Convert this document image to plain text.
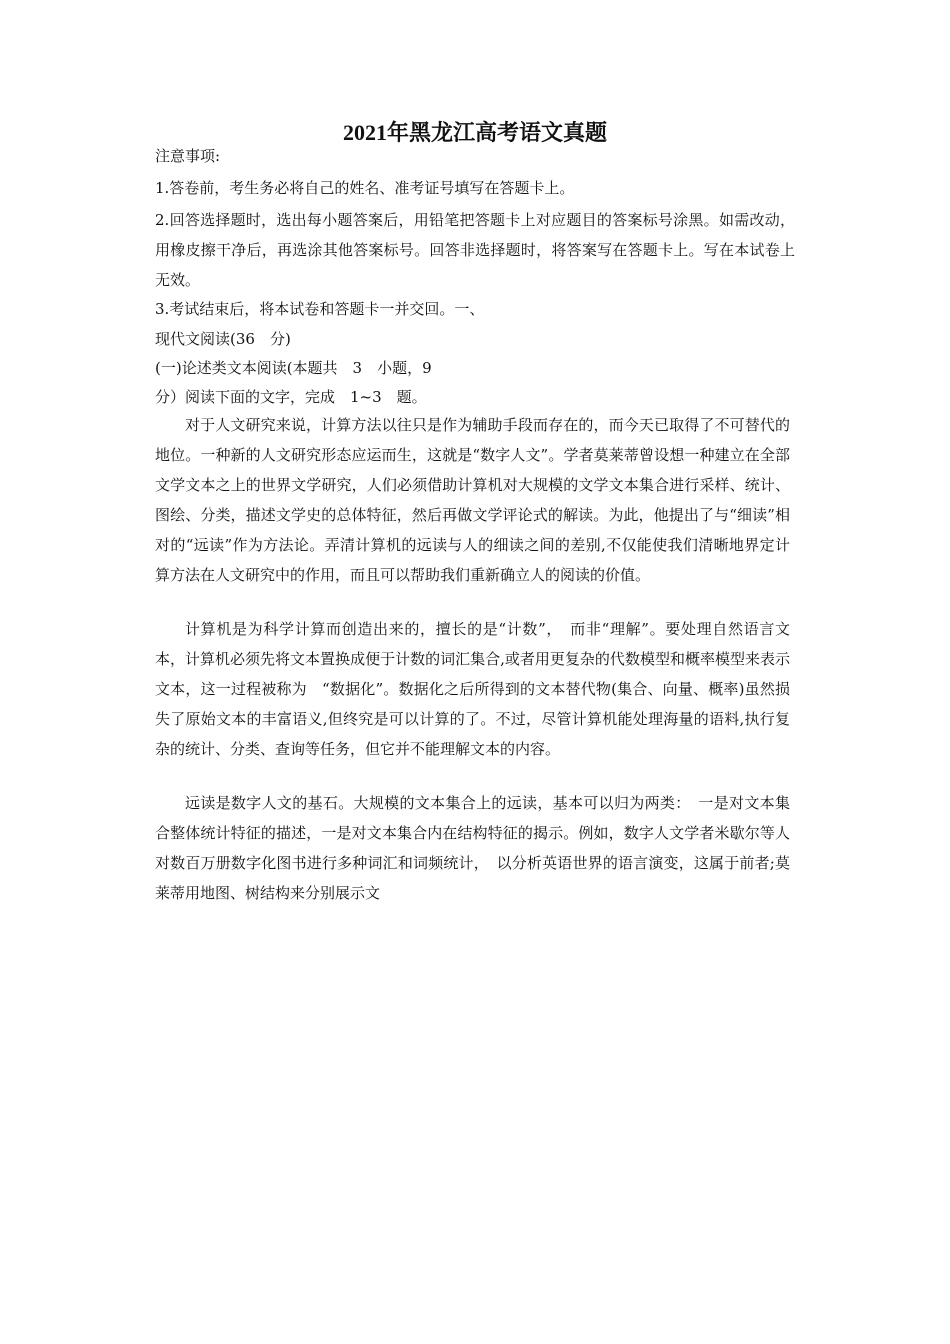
2021年黑龙江高考语文真题
注意事项:
1.答卷前，考生务必将自己的姓名、准考证号填写在答题卡上。
2.回答选择题时，选出每小题答案后，用铅笔把答题卡上对应题目的答案标号涂黑。如需改动，用橡皮擦干净后，再选涂其他答案标号。回答非选择题时，将答案写在答题卡上。写在本试卷上无效。
3.考试结束后，将本试卷和答题卡一并交回。一、
现代文阅读(36　分)
(一)论述类文本阅读(本题共　3　小题，9
分）阅读下面的文字，完成　1~3　题。
对于人文研究来说，计算方法以往只是作为辅助手段而存在的，而今天已取得了不可替代的地位。一种新的人文研究形态应运而生，这就是“数字人文”。学者莫莱蒂曾设想一种建立在全部文学文本之上的世界文学研究，人们必须借助计算机对大规模的文学文本集合进行采样、统计、图绘、分类，描述文学史的总体特征，然后再做文学评论式的解读。为此，他提出了与“细读”相对的“远读”作为方法论。弄清计算机的远读与人的细读之间的差别,不仅能使我们清晰地界定计算方法在人文研究中的作用，而且可以帮助我们重新确立人的阅读的价值。
计算机是为科学计算而创造出来的，擅长的是“计数”，　而非“理解”。要处理自然语言文本，计算机必须先将文本置换成便于计数的词汇集合,或者用更复杂的代数模型和概率模型来表示文本，这一过程被称为　“数据化”。数据化之后所得到的文本替代物(集合、向量、概率)虽然损失了原始文本的丰富语义,但终究是可以计算的了。不过，尽管计算机能处理海量的语料,执行复杂的统计、分类、查询等任务，但它并不能理解文本的内容。
远读是数字人文的基石。大规模的文本集合上的远读，基本可以归为两类：　一是对文本集合整体统计特征的描述，一是对文本集合内在结构特征的揭示。例如，数字人文学者米歇尔等人对数百万册数字化图书进行多种词汇和词频统计，　以分析英语世界的语言演变，这属于前者;莫莱蒂用地图、树结构来分别展示文
